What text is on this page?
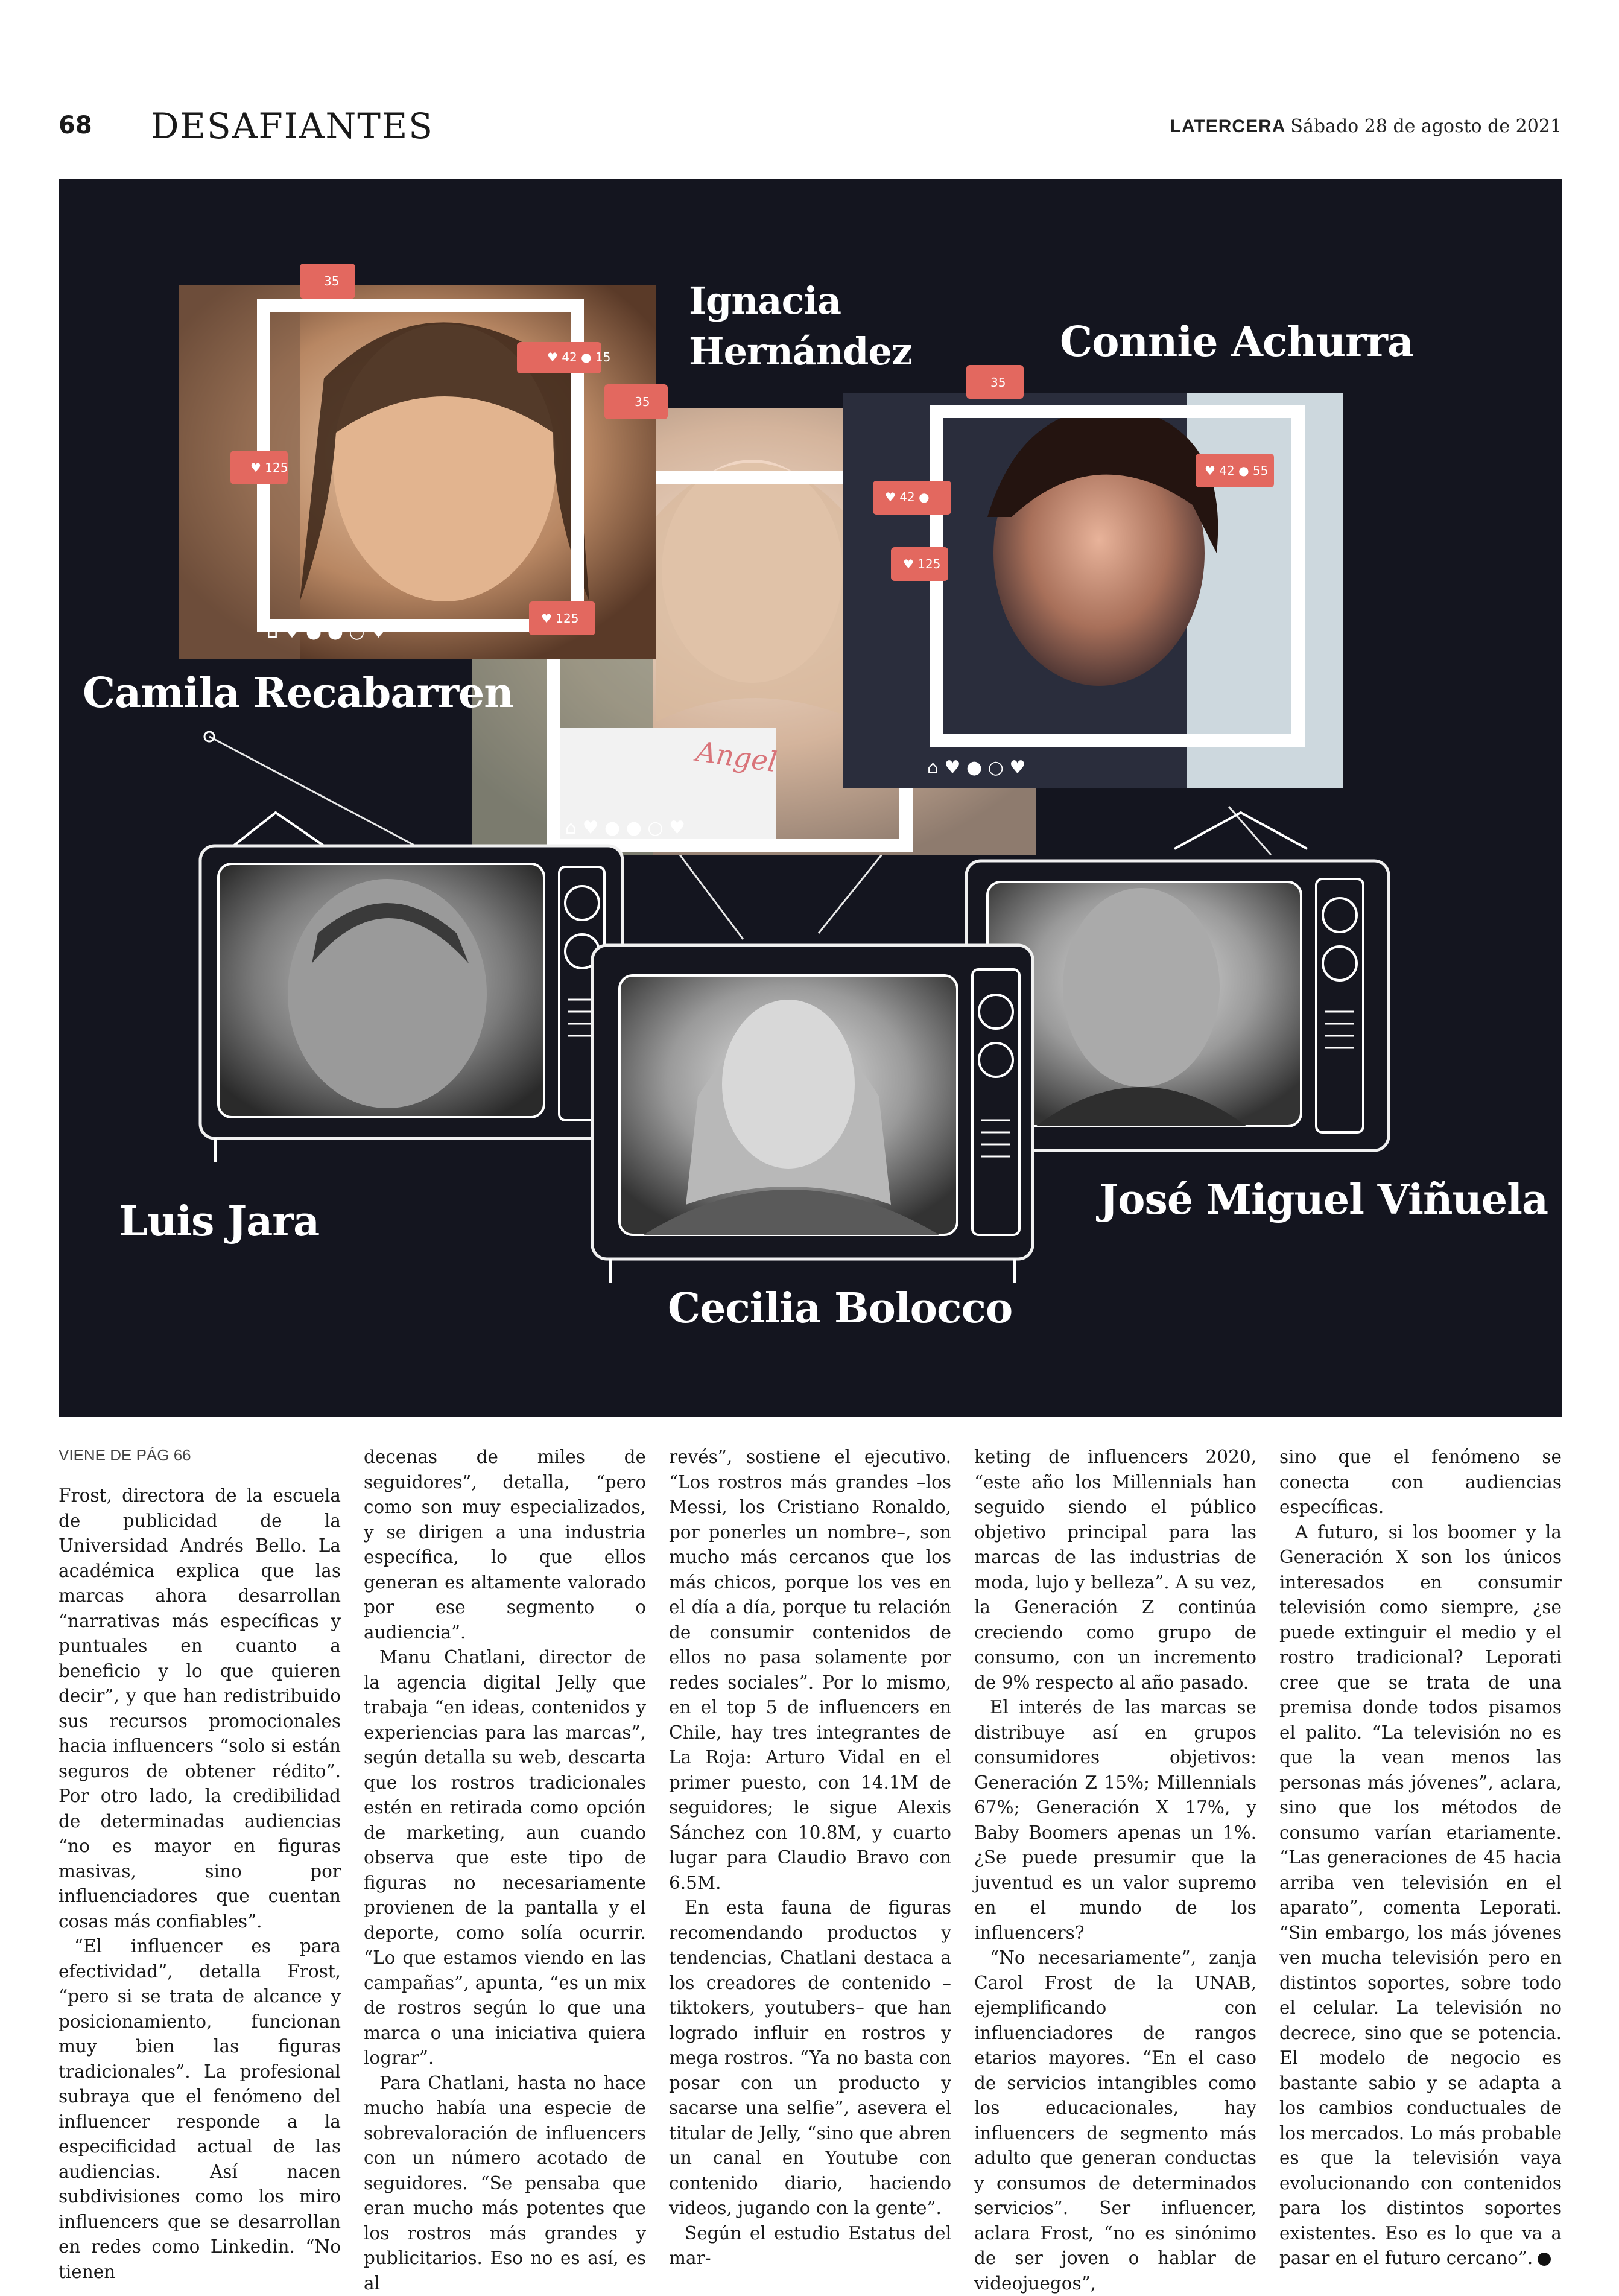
68 DESAFIANTES	LATERCERA Sábado 28 de agosto de 2021
35
♥ 42 ● 15
35
♥ 125
35
♥ 42 ●
♥ 42 ● 55
♥ 125
♥ 125
Angel
⌂ ♥ ● ● ○ ♥
⌂ ♥ ● ● ○ ♥
⌂ ♥ ● ○ ♥
Ignacia
Hernández	Connie Achurra
Camila Recabarren
Luis Jara
Cecilia Bolocco
José Miguel Viñuela
VIENE DE PÁG 66

Frost, directora de la escuela de publicidad de la Universidad Andrés Bello. La académica explica que las marcas ahora desarrollan “narrativas más específicas y puntuales en cuanto a beneficio y lo que quieren decir”, y que han redistribuido sus recursos promocionales hacia influencers “solo si están seguros de obtener rédito”. Por otro lado, la credibilidad de determinadas audiencias “no es mayor en figuras masivas, sino por influenciadores que cuentan cosas más confiables”.

“El influencer es para efectividad”, detalla Frost, “pero si se trata de alcance y posicionamiento, funcionan muy bien las figuras tradicionales”. La profesional subraya que el fenómeno del influencer responde a la especificidad actual de las audiencias. Así nacen subdivisiones como los miro influencers que se desarrollan en redes como Linkedin. “No tienen

decenas de miles de seguidores”, detalla, “pero como son muy especializados, y se dirigen a una industria específica, lo que ellos generan es altamente valorado por ese segmento o audiencia”.

Manu Chatlani, director de la agencia digital Jelly que trabaja “en ideas, contenidos y experiencias para las marcas”, según detalla su web, descarta que los rostros tradicionales estén en retirada como opción de marketing, aun cuando observa que este tipo de figuras no necesariamente provienen de la pantalla y el deporte, como solía ocurrir. “Lo que estamos viendo en las campañas”, apunta, “es un mix de rostros según lo que una marca o una iniciativa quiera lograr”.

Para Chatlani, hasta no hace mucho había una especie de sobrevaloración de influencers con un número acotado de seguidores. “Se pensaba que eran mucho más potentes que los rostros más grandes y publicitarios. Eso no es así, es al

revés”, sostiene el ejecutivo. “Los rostros más grandes –los Messi, los Cristiano Ronaldo, por ponerles un nombre–, son mucho más cercanos que los más chicos, porque los ves en el día a día, porque tu relación de consumir contenidos de ellos no pasa solamente por redes sociales”. Por lo mismo, en el top 5 de influencers en Chile, hay tres integrantes de La Roja: Arturo Vidal en el primer puesto, con 14.1M de seguidores; le sigue Alexis Sánchez con 10.8M, y cuarto lugar para Claudio Bravo con 6.5M.

En esta fauna de figuras recomendando productos y tendencias, Chatlani destaca a los creadores de contenido –tiktokers, youtubers– que han logrado influir en rostros y mega rostros. “Ya no basta con posar con un producto y sacarse una selfie”, asevera el titular de Jelly, “sino que abren un canal en Youtube con contenido diario, haciendo videos, jugando con la gente”.

Según el estudio Estatus del mar-

keting de influencers 2020, “este año los Millennials han seguido siendo el público objetivo principal para las marcas de las industrias de moda, lujo y belleza”. A su vez, la Generación Z continúa creciendo como grupo de consumo, con un incremento de 9% respecto al año pasado.

El interés de las marcas se distribuye así en grupos consumidores objetivos: Generación Z 15%; Millennials 67%; Generación X 17%, y Baby Boomers apenas un 1%. ¿Se puede presumir que la juventud es un valor supremo en el mundo de los influencers?

“No necesariamente”, zanja Carol Frost de la UNAB, ejemplificando con influenciadores de rangos etarios mayores. “En el caso de servicios intangibles como los educacionales, hay influencers de segmento más adulto que generan conductas y consumos de determinados servicios”. Ser influencer, aclara Frost, “no es sinónimo de ser joven o hablar de videojuegos”,

sino que el fenómeno se conecta con audiencias específicas.

A futuro, si los boomer y la Generación X son los únicos interesados en consumir televisión como siempre, ¿se puede extinguir el medio y el rostro tradicional? Leporati cree que se trata de una premisa donde todos pisamos el palito. “La televisión no es que la vean menos las personas más jóvenes”, aclara, sino que los métodos de consumo varían etariamente. “Las generaciones de 45 hacia arriba ven televisión en el aparato”, comenta Leporati. “Sin embargo, los más jóvenes ven mucha televisión pero en distintos soportes, sobre todo el celular. La televisión no decrece, sino que se potencia. El modelo de negocio es bastante sabio y se adapta a los cambios conductuales de los mercados. Lo más probable es que la televisión vaya evolucionando con contenidos para los distintos soportes existentes. Eso es lo que va a pasar en el futuro cercano”.
